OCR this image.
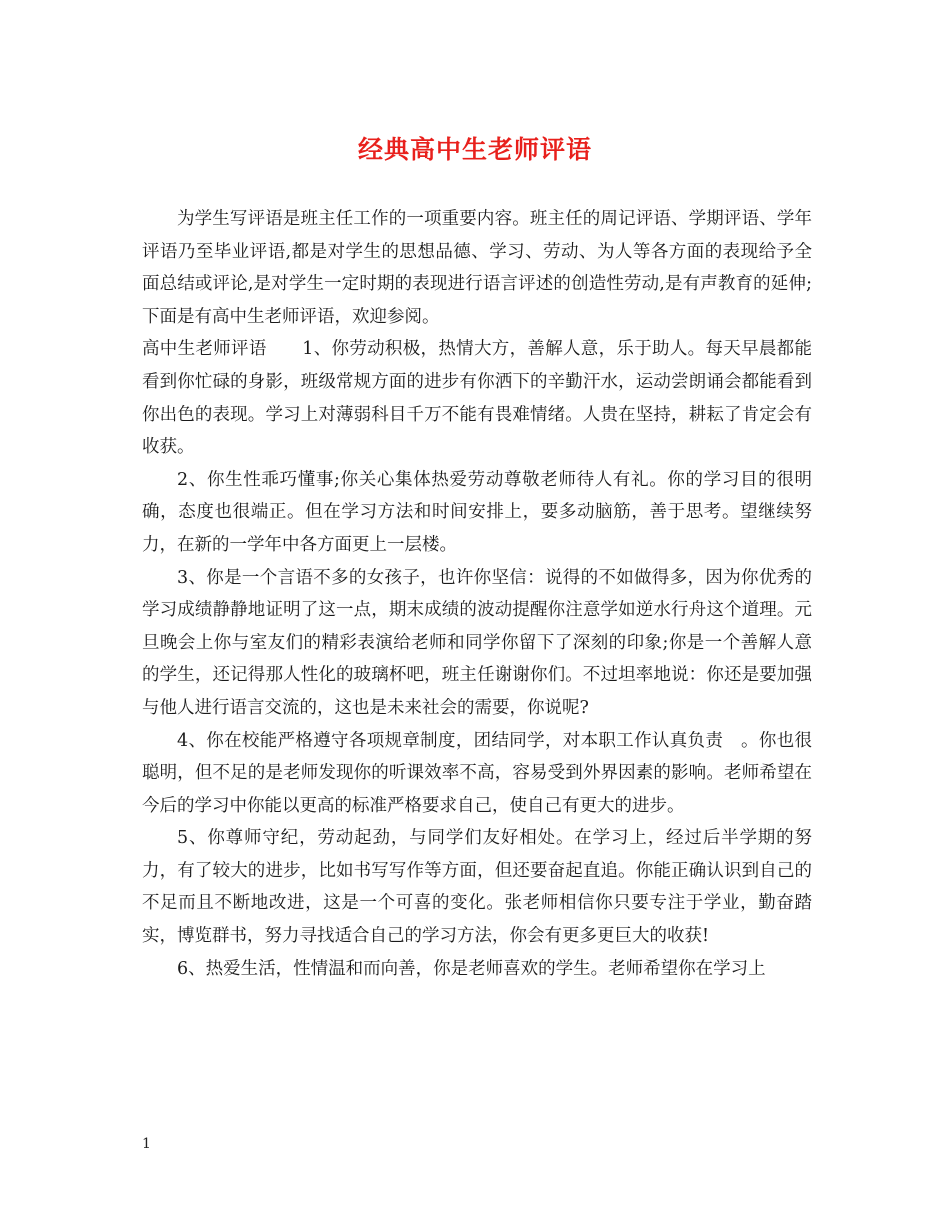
经典高中生老师评语

为学生写评语是班主任工作的一项重要内容。班主任的周记评语、学期评语、学年评语乃至毕业评语,都是对学生的思想品德、学习、劳动、为人等各方面的表现给予全面总结或评论,是对学生一定时期的表现进行语言评述的创造性劳动,是有声教育的延伸;下面是有高中生老师评语，欢迎参阅。

高中生老师评语　　1、你劳动积极，热情大方，善解人意，乐于助人。每天早晨都能看到你忙碌的身影，班级常规方面的进步有你洒下的辛勤汗水，运动尝朗诵会都能看到你出色的表现。学习上对薄弱科目千万不能有畏难情绪。人贵在坚持，耕耘了肯定会有收获。

2、你生性乖巧懂事;你关心集体热爱劳动尊敬老师待人有礼。你的学习目的很明确，态度也很端正。但在学习方法和时间安排上，要多动脑筋，善于思考。望继续努力，在新的一学年中各方面更上一层楼。

3、你是一个言语不多的女孩子，也许你坚信：说得的不如做得多，因为你优秀的学习成绩静静地证明了这一点，期末成绩的波动提醒你注意学如逆水行舟这个道理。元旦晚会上你与室友们的精彩表演给老师和同学你留下了深刻的印象;你是一个善解人意的学生，还记得那人性化的玻璃杯吧，班主任谢谢你们。不过坦率地说：你还是要加强与他人进行语言交流的，这也是未来社会的需要，你说呢?

4、你在校能严格遵守各项规章制度，团结同学，对本职工作认真负责　。你也很聪明，但不足的是老师发现你的听课效率不高，容易受到外界因素的影响。老师希望在今后的学习中你能以更高的标准严格要求自己，使自己有更大的进步。

5、你尊师守纪，劳动起劲，与同学们友好相处。在学习上，经过后半学期的努力，有了较大的进步，比如书写写作等方面，但还要奋起直追。你能正确认识到自己的不足而且不断地改进，这是一个可喜的变化。张老师相信你只要专注于学业，勤奋踏实，博览群书，努力寻找适合自己的学习方法，你会有更多更巨大的收获!

6、热爱生活，性情温和而向善，你是老师喜欢的学生。老师希望你在学习上

1
